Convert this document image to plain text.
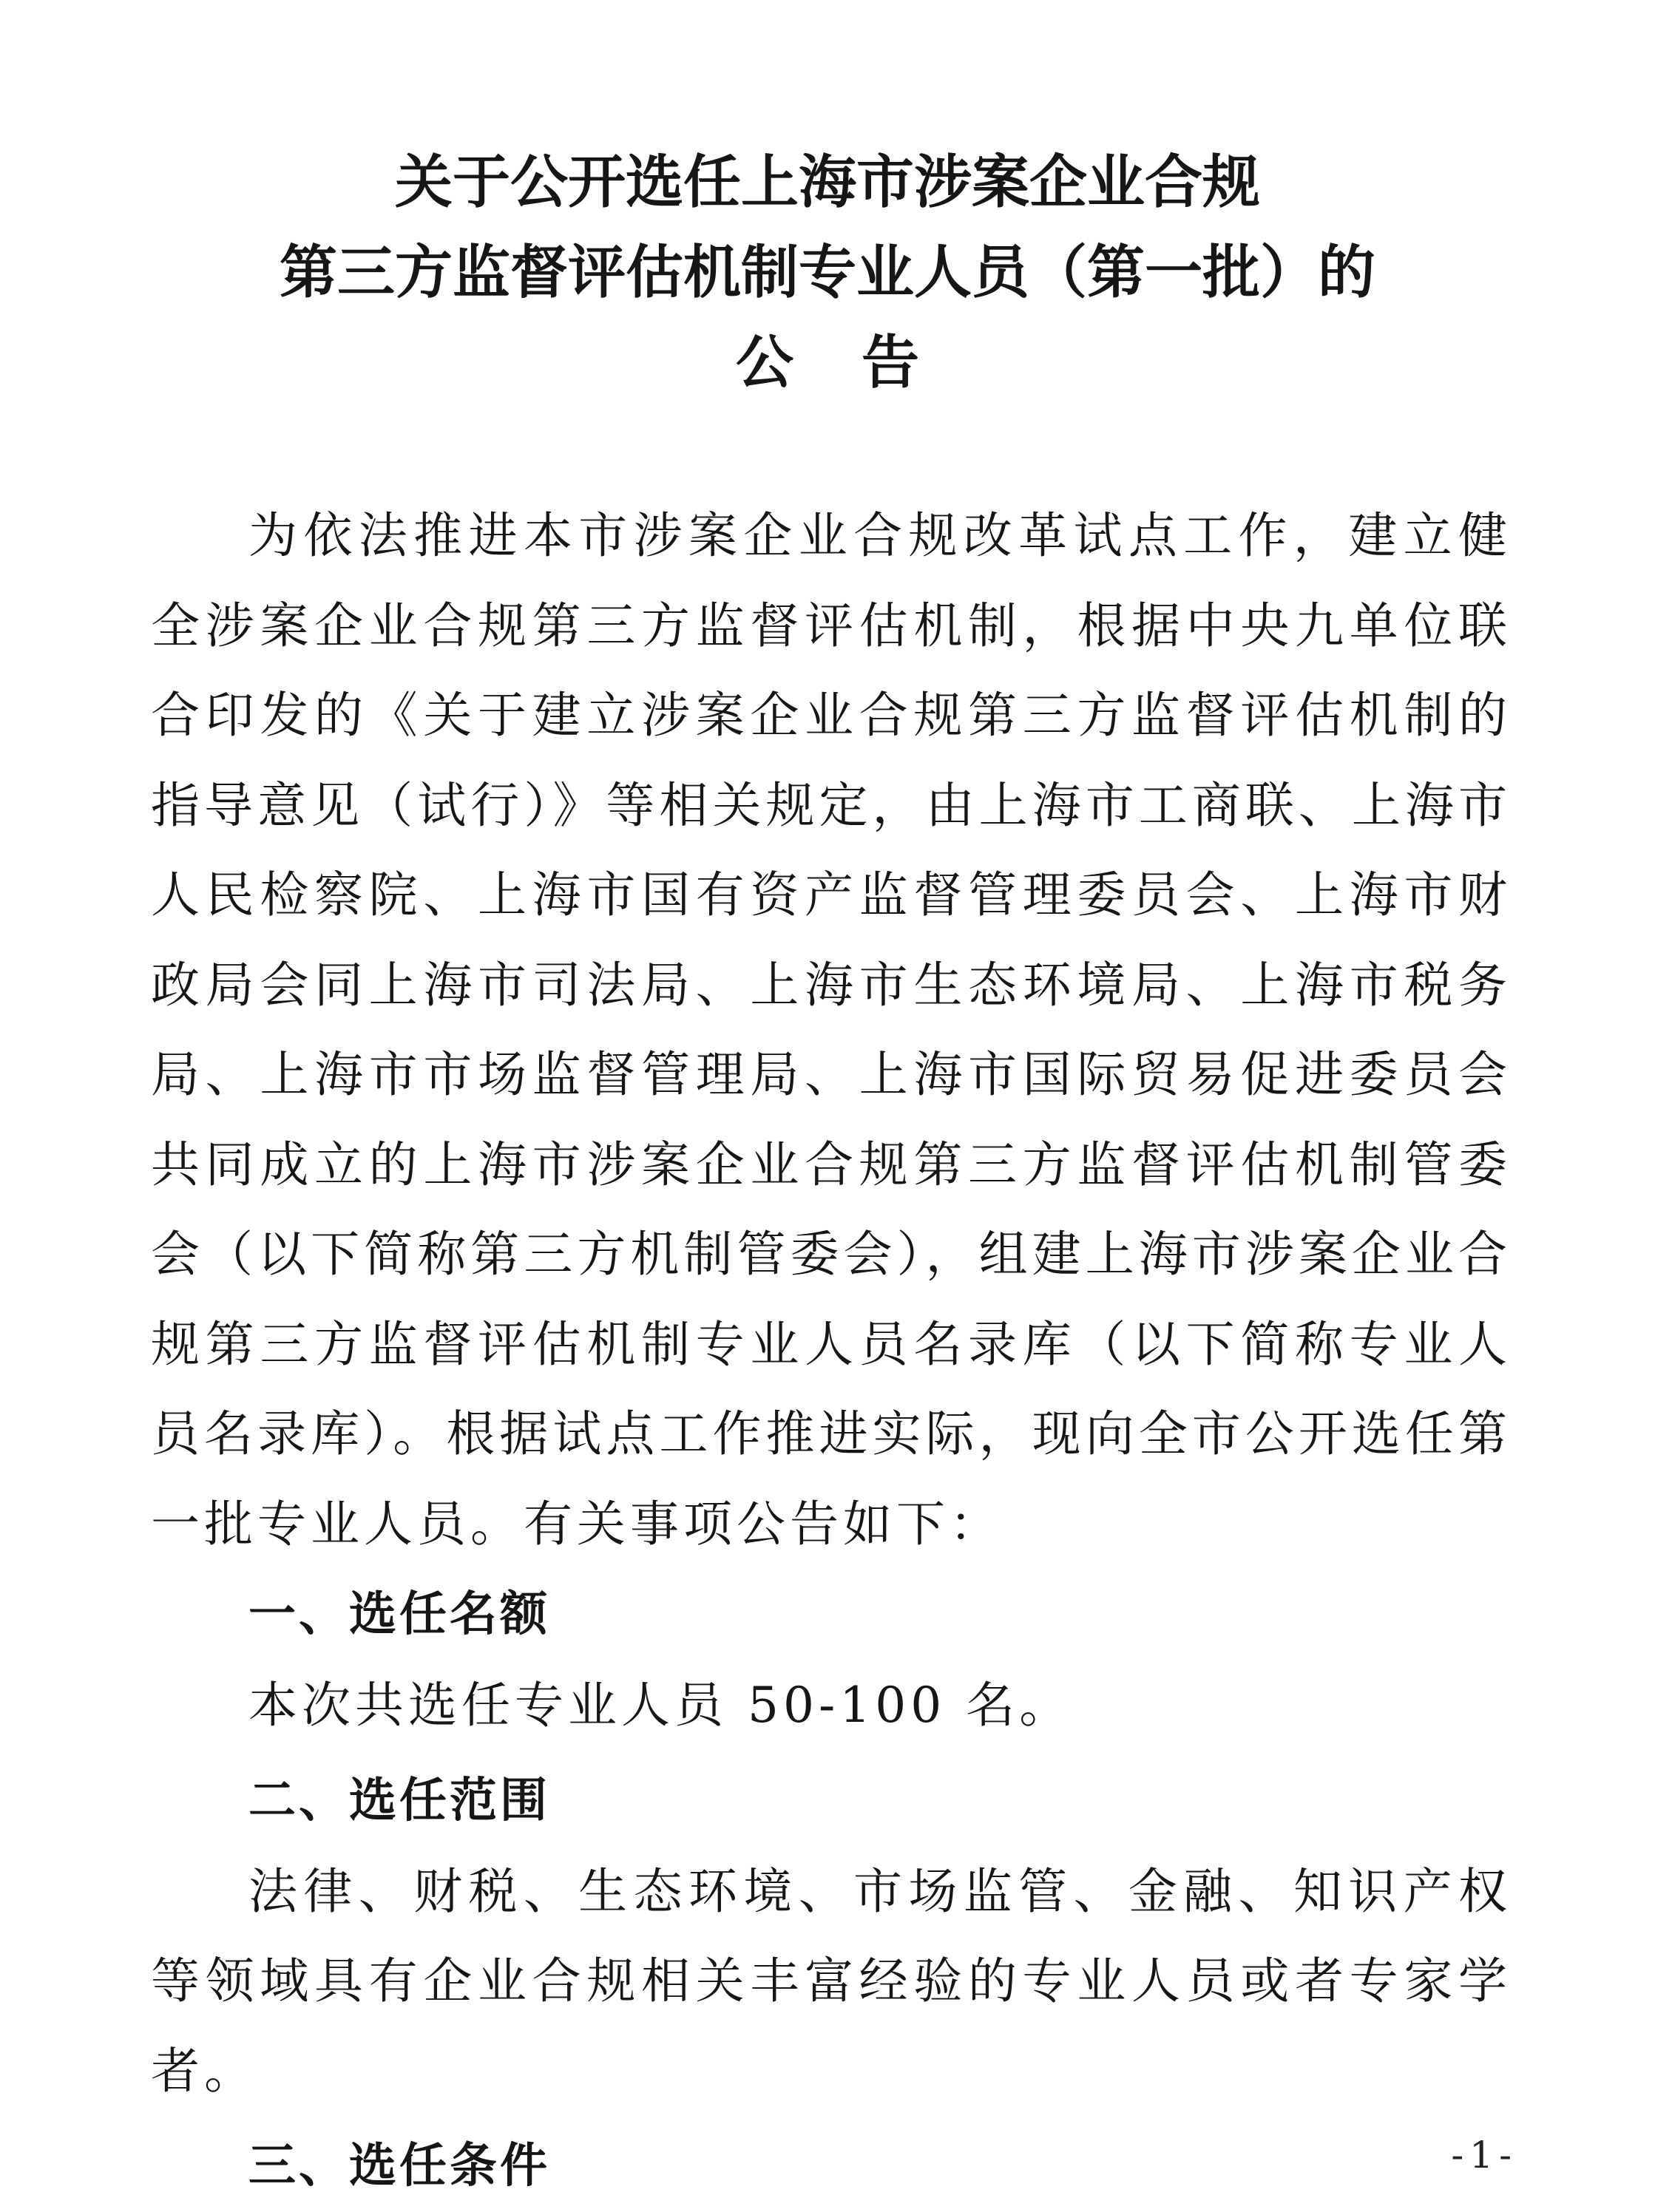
关于公开选任上海市涉案企业合规
第三方监督评估机制专业人员（第一批）的
公告

为依法推进本市涉案企业合规改革试点工作，建立健全涉案企业合规第三方监督评估机制，根据中央九单位联合印发的《关于建立涉案企业合规第三方监督评估机制的指导意见（试行）》等相关规定，由上海市工商联、上海市人民检察院、上海市国有资产监督管理委员会、上海市财政局会同上海市司法局、上海市生态环境局、上海市税务局、上海市市场监督管理局、上海市国际贸易促进委员会共同成立的上海市涉案企业合规第三方监督评估机制管委会（以下简称第三方机制管委会），组建上海市涉案企业合规第三方监督评估机制专业人员名录库（以下简称专业人员名录库）。根据试点工作推进实际，现向全市公开选任第一批专业人员。有关事项公告如下：

一、选任名额

本次共选任专业人员 50-100 名。

二、选任范围

法律、财税、生态环境、市场监管、金融、知识产权等领域具有企业合规相关丰富经验的专业人员或者专家学者。

三、选任条件	-1-
